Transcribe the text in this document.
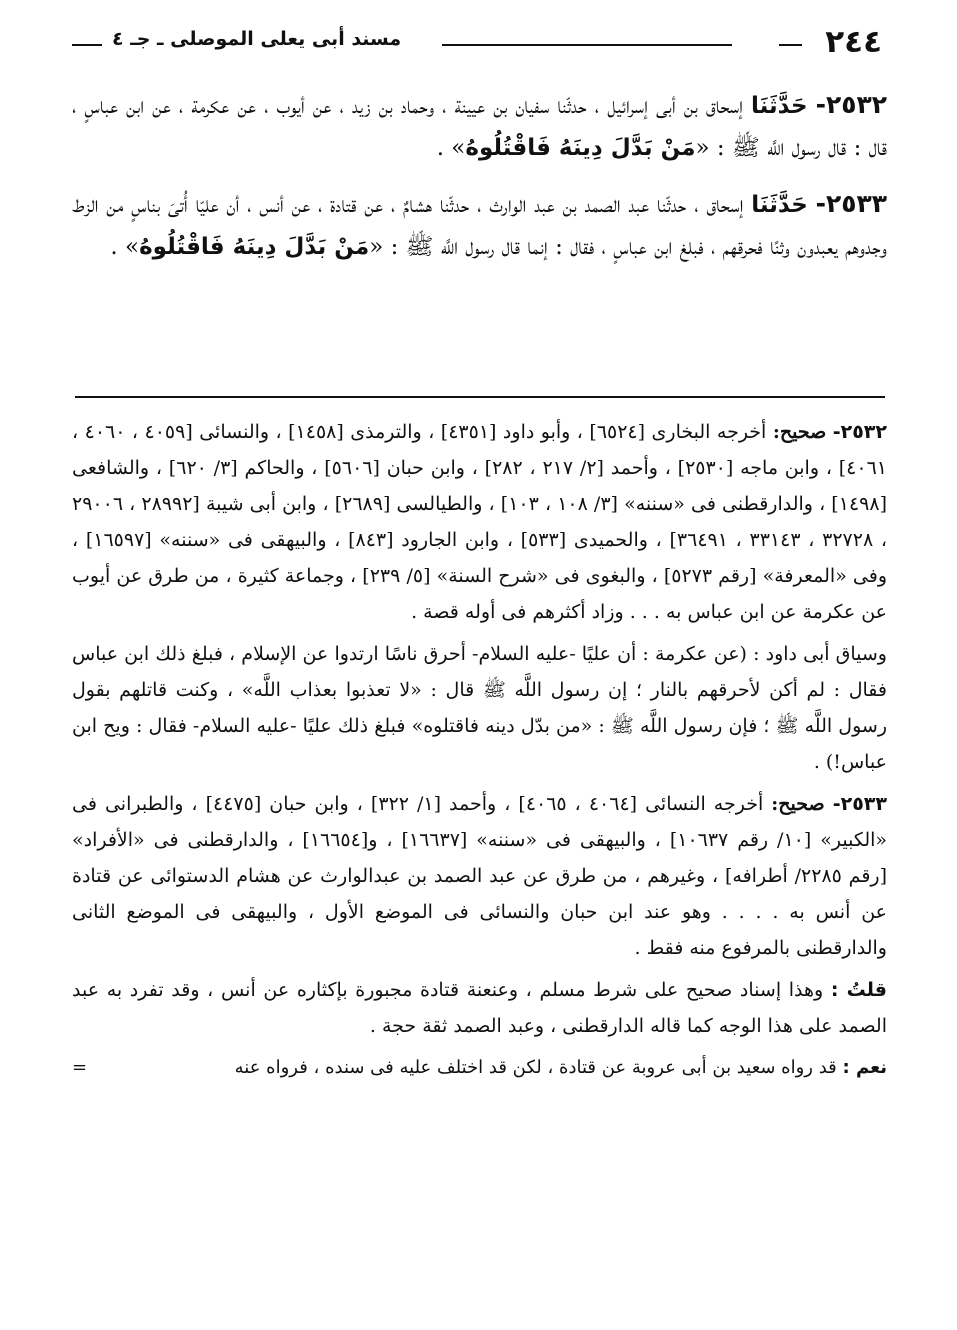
٢٤٤
مسند أبى يعلى الموصلى ـ جـ ٤

٢٥٣٢- حَدَّثَنَا إسحاق بن أبى إسرائيل ، حدثّنا سفيان بن عيينة ، وحماد بن زيد ، عن أيوب ، عن عكرمة ، عن ابن عباسٍ ، قال : قال رسول اللَّه ﷺ : «مَنْ بَدَّلَ دِينَهُ فَاقْتُلُوهُ» .

٢٥٣٣- حَدَّثَنَا إسحاق ، حدثّنا عبد الصمد بن عبد الوارث ، حدثّنا هشامٌ ، عن قتادة ، عن أنس ، أن عليّا أُتىَ بناسٍ من الزط وجدوهم يعبدون وثنًا فحرقهم ، فبلغ ابن عباسٍ ، فقال : إنما قال رسول اللَّه ﷺ : «مَنْ بَدَّلَ دِينَهُ فَاقْتُلُوهُ» .

٢٥٣٢- صحيح: أخرجه البخارى [٦٥٢٤] ، وأبو داود [٤٣٥١] ، والترمذى [١٤٥٨] ، والنسائى [٤٠٥٩ ، ٤٠٦٠ ، ٤٠٦١] ، وابن ماجه [٢٥٣٠] ، وأحمد [٢/ ٢١٧ ، ٢٨٢] ، وابن حبان [٥٦٠٦] ، والحاكم [٣/ ٦٢٠] ، والشافعى [١٤٩٨] ، والدارقطنى فى «سننه» [٣/ ١٠٨ ، ١٠٣] ، والطيالسى [٢٦٨٩] ، وابن أبى شيبة [٢٨٩٩٢ ، ٢٩٠٠٦ ، ٣٢٧٢٨ ، ٣٣١٤٣ ، ٣٦٤٩١] ، والحميدى [٥٣٣] ، وابن الجارود [٨٤٣] ، والبيهقى فى «سننه» [١٦٥٩٧] ، وفى «المعرفة» [رقم ٥٢٧٣] ، والبغوى فى «شرح السنة» [٥/ ٢٣٩] ، وجماعة كثيرة ، من طرق عن أيوب عن عكرمة عن ابن عباس به . . . وزاد أكثرهم فى أوله قصة .

وسياق أبى داود : (عن عكرمة : أن عليًا -عليه السلام- أحرق ناسًا ارتدوا عن الإسلام ، فبلغ ذلك ابن عباس فقال : لم أكن لأحرقهم بالنار ؛ إن رسول اللَّه ﷺ قال : «لا تعذبوا بعذاب اللَّه» ، وكنت قاتلهم بقول رسول اللَّه ﷺ ؛ فإن رسول اللَّه ﷺ : «من بدّل دينه فاقتلوه» فبلغ ذلك عليًا -عليه السلام- فقال : ويح ابن عباس!) .

٢٥٣٣- صحيح: أخرجه النسائى [٤٠٦٤ ، ٤٠٦٥] ، وأحمد [١/ ٣٢٢] ، وابن حبان [٤٤٧٥] ، والطبرانى فى «الكبير» [١٠/ رقم ١٠٦٣٧] ، والبيهقى فى «سننه» [١٦٦٣٧] ، و[١٦٦٥٤] ، والدارقطنى فى «الأفراد» [رقم ٢٢٨٥/ أطرافه] ، وغيرهم ، من طرق عن عبد الصمد بن عبدالوارث عن هشام الدستوائى عن قتادة عن أنس به . . . . وهو عند ابن حبان والنسائى فى الموضع الأول ، والبيهقى فى الموضع الثانى والدارقطنى بالمرفوع منه فقط .

قلتُ : وهذا إسناد صحيح على شرط مسلم ، وعنعنة قتادة مجبورة بإكثاره عن أنس ، وقد تفرد به عبد الصمد على هذا الوجه كما قاله الدارقطنى ، وعبد الصمد ثقة حجة .

نعم : قد رواه سعيد بن أبى عروبة عن قتادة ، لكن قد اختلف عليه فى سنده ، فرواه عنه
=
